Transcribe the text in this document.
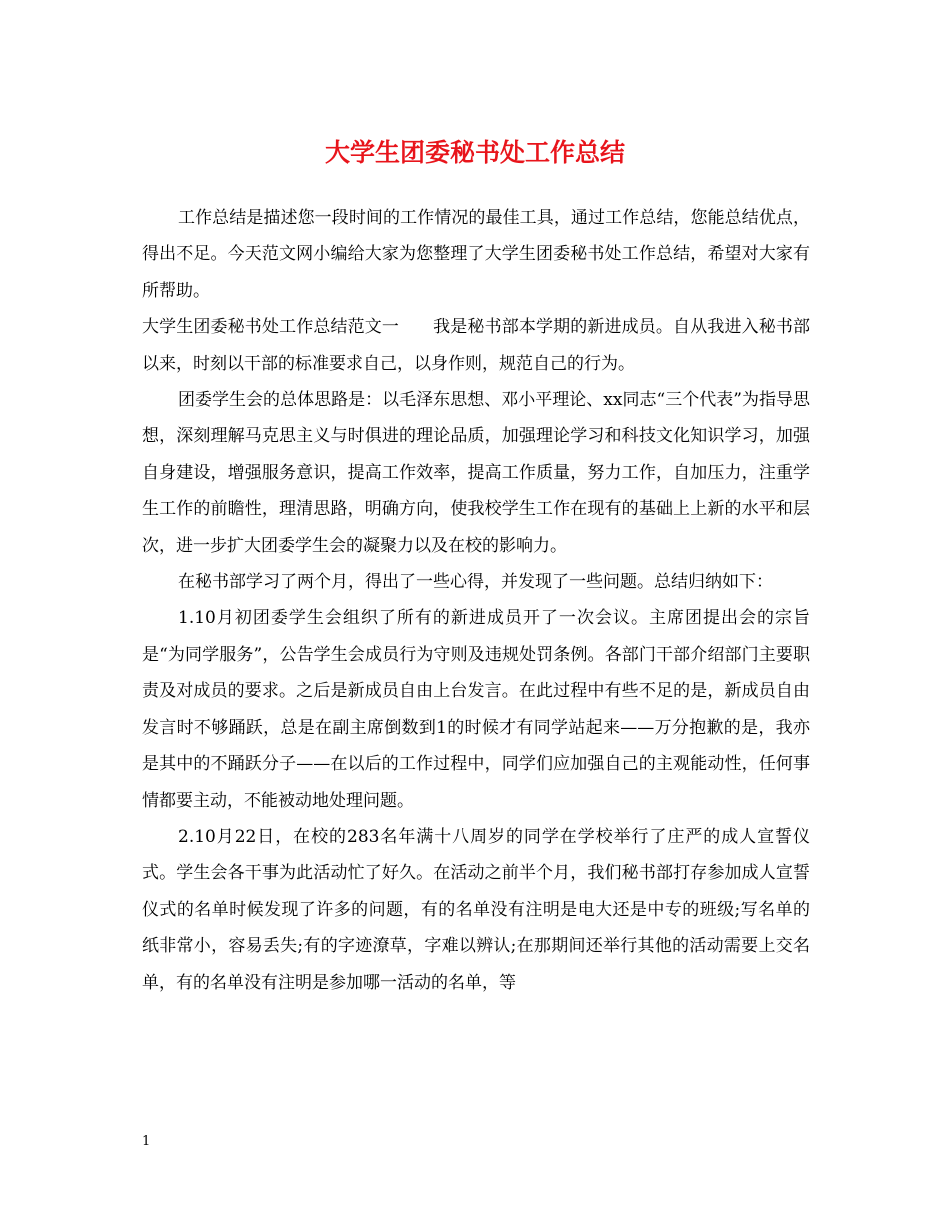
大学生团委秘书处工作总结

工作总结是描述您一段时间的工作情况的最佳工具，通过工作总结，您能总结优点，得出不足。今天范文网小编给大家为您整理了大学生团委秘书处工作总结，希望对大家有所帮助。

大学生团委秘书处工作总结范文一 我是秘书部本学期的新进成员。自从我进入秘书部以来，时刻以干部的标准要求自己，以身作则，规范自己的行为。

团委学生会的总体思路是：以毛泽东思想、邓小平理论、xx同志“三个代表”为指导思想，深刻理解马克思主义与时俱进的理论品质，加强理论学习和科技文化知识学习，加强自身建设，增强服务意识，提高工作效率，提高工作质量，努力工作，自加压力，注重学生工作的前瞻性，理清思路，明确方向，使我校学生工作在现有的基础上上新的水平和层次，进一步扩大团委学生会的凝聚力以及在校的影响力。

在秘书部学习了两个月，得出了一些心得，并发现了一些问题。总结归纳如下：

1.10月初团委学生会组织了所有的新进成员开了一次会议。主席团提出会的宗旨是“为同学服务”，公告学生会成员行为守则及违规处罚条例。各部门干部介绍部门主要职责及对成员的要求。之后是新成员自由上台发言。在此过程中有些不足的是，新成员自由发言时不够踊跃，总是在副主席倒数到1的时候才有同学站起来——万分抱歉的是，我亦是其中的不踊跃分子——在以后的工作过程中，同学们应加强自己的主观能动性，任何事情都要主动，不能被动地处理问题。

2.10月22日，在校的283名年满十八周岁的同学在学校举行了庄严的成人宣誓仪式。学生会各干事为此活动忙了好久。在活动之前半个月，我们秘书部打存参加成人宣誓仪式的名单时候发现了许多的问题，有的名单没有注明是电大还是中专的班级;写名单的纸非常小，容易丢失;有的字迹潦草，字难以辨认;在那期间还举行其他的活动需要上交名单，有的名单没有注明是参加哪一活动的名单，等

1
